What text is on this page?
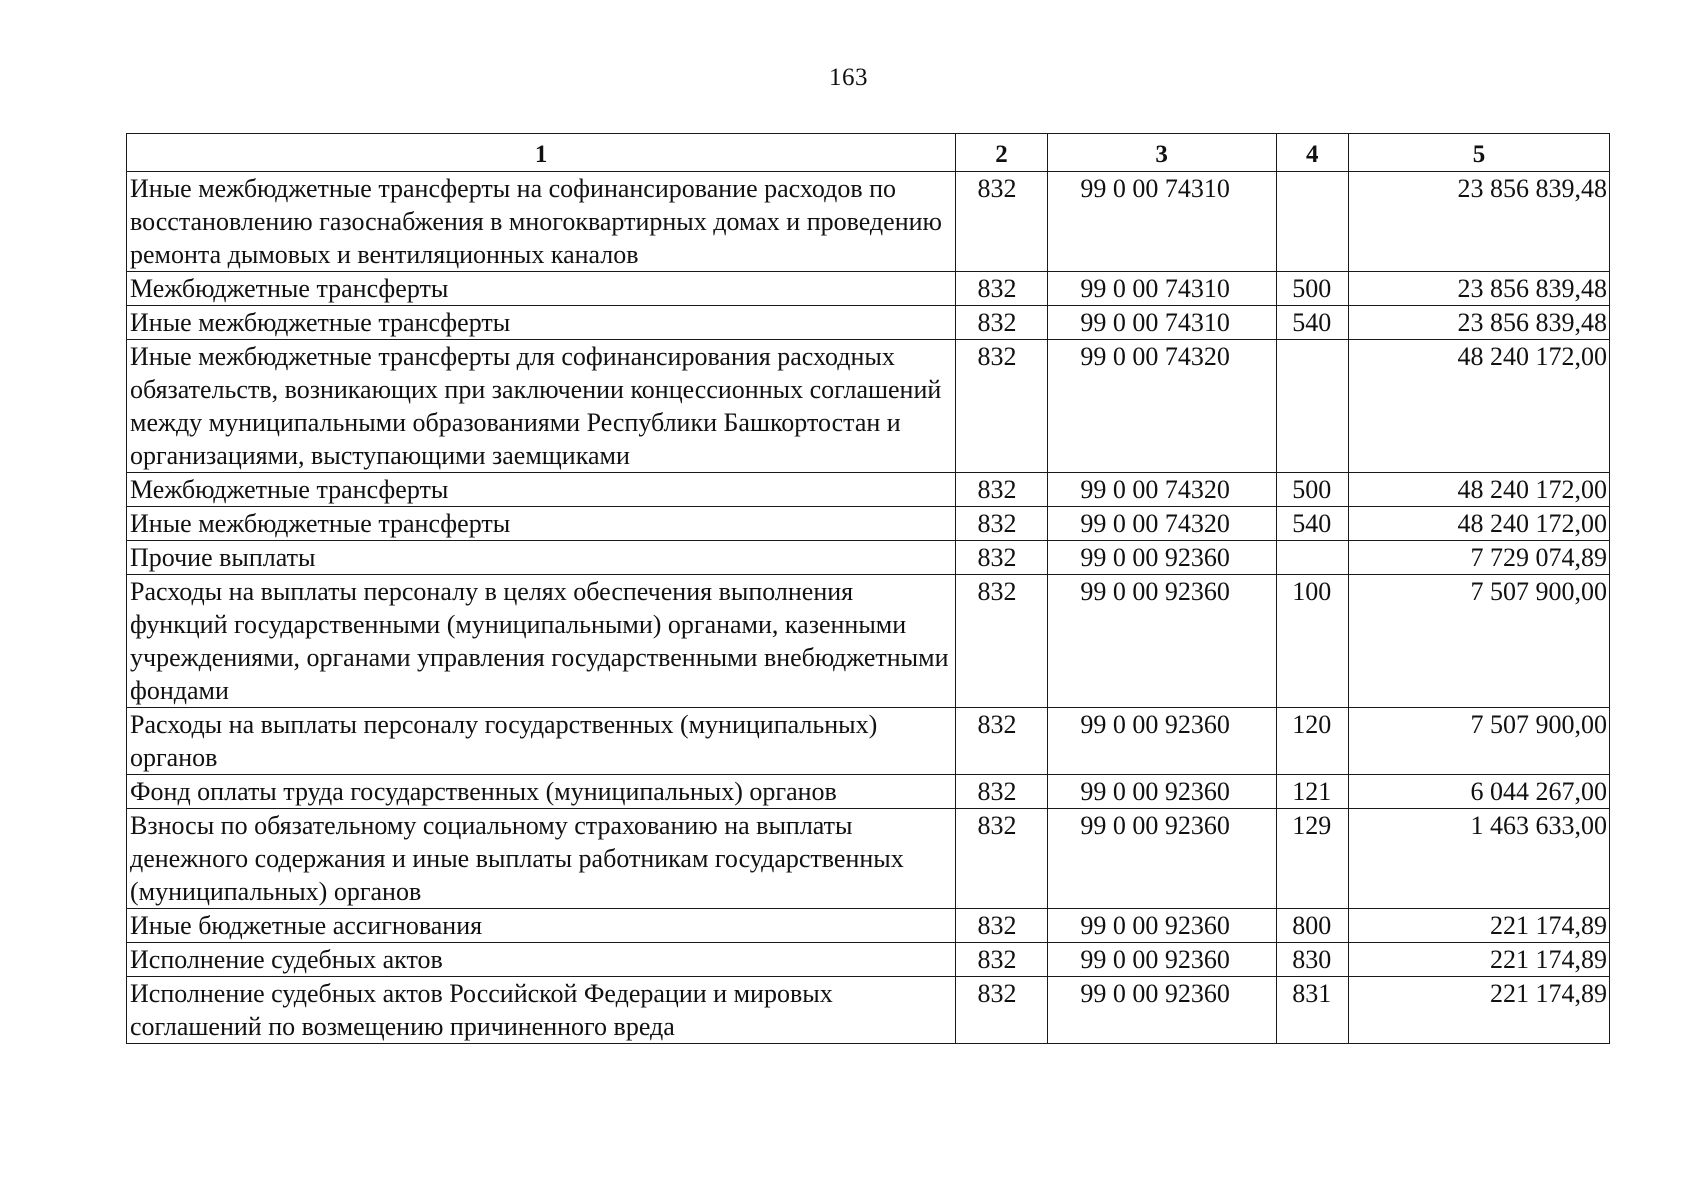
163
1	2	3	4	5
Иные межбюджетные трансферты на софинансирование расходов по восстановлению газоснабжения в многоквартирных домах и проведению ремонта дымовых и вентиляционных каналов	832	99 0 00 74310		23 856 839,48
Межбюджетные трансферты	832	99 0 00 74310	500	23 856 839,48
Иные межбюджетные трансферты	832	99 0 00 74310	540	23 856 839,48
Иные межбюджетные трансферты для софинансирования расходных обязательств, возникающих при заключении концессионных соглашений между муниципальными образованиями Республики Башкортостан и организациями, выступающими заемщиками	832	99 0 00 74320		48 240 172,00
Межбюджетные трансферты	832	99 0 00 74320	500	48 240 172,00
Иные межбюджетные трансферты	832	99 0 00 74320	540	48 240 172,00
Прочие выплаты	832	99 0 00 92360		7 729 074,89
Расходы на выплаты персоналу в целях обеспечения выполнения функций государственными (муниципальными) органами, казенными учреждениями, органами управления государственными внебюджетными фондами	832	99 0 00 92360	100	7 507 900,00
Расходы на выплаты персоналу государственных (муниципальных) органов	832	99 0 00 92360	120	7 507 900,00
Фонд оплаты труда государственных (муниципальных) органов	832	99 0 00 92360	121	6 044 267,00
Взносы по обязательному социальному страхованию на выплаты денежного содержания и иные выплаты работникам государственных (муниципальных) органов	832	99 0 00 92360	129	1 463 633,00
Иные бюджетные ассигнования	832	99 0 00 92360	800	221 174,89
Исполнение судебных актов	832	99 0 00 92360	830	221 174,89
Исполнение судебных актов Российской Федерации и мировых соглашений по возмещению причиненного вреда	832	99 0 00 92360	831	221 174,89
